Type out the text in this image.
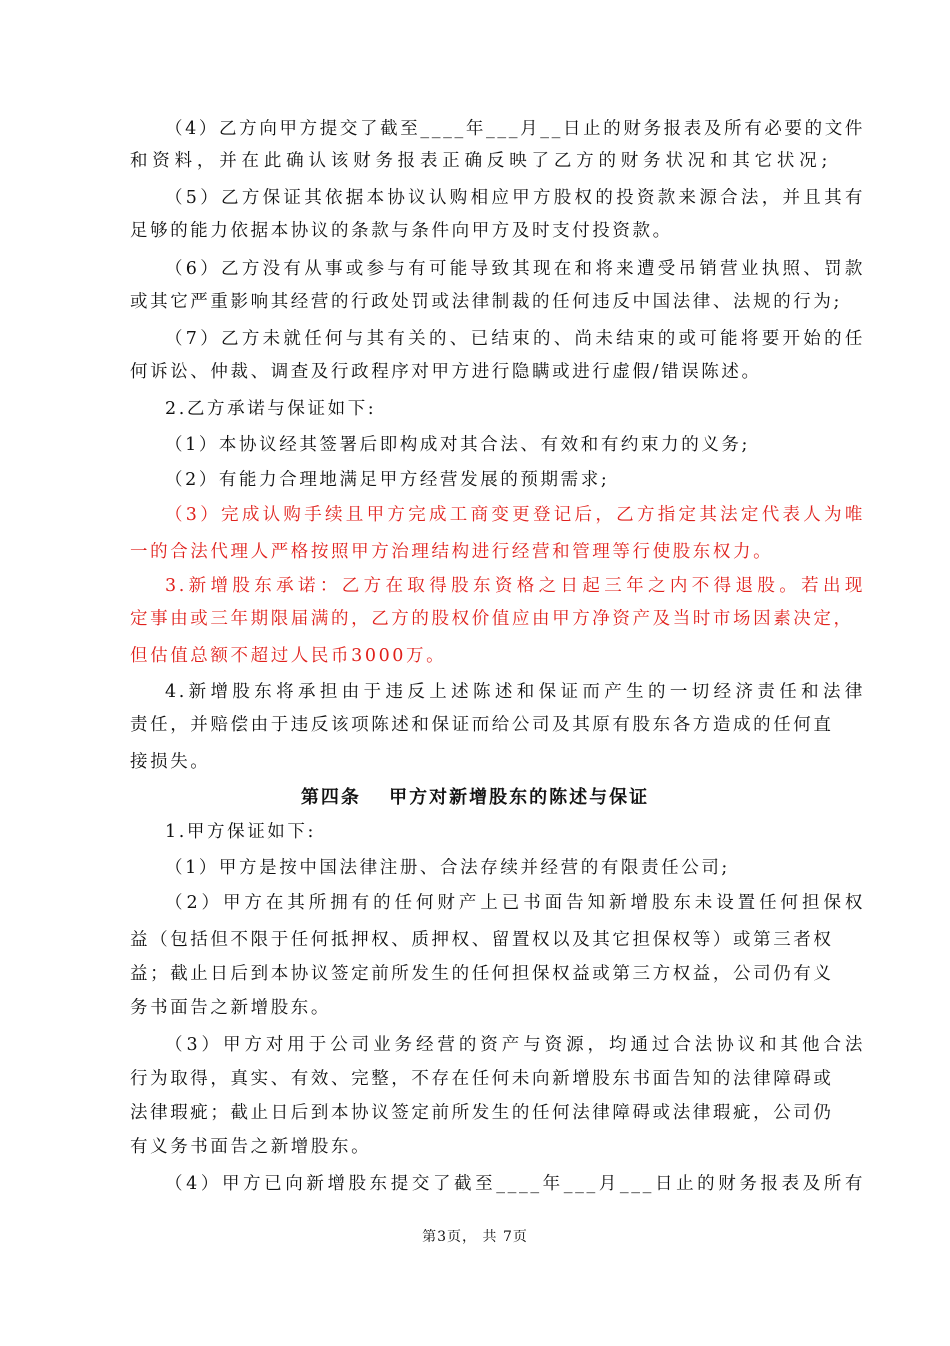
（4）乙方向甲方提交了截至____年___月__日止的财务报表及所有必要的文件
和资料，并在此确认该财务报表正确反映了乙方的财务状况和其它状况;
（5）乙方保证其依据本协议认购相应甲方股权的投资款来源合法，并且其有
足够的能力依据本协议的条款与条件向甲方及时支付投资款。
（6）乙方没有从事或参与有可能导致其现在和将来遭受吊销营业执照、罚款
或其它严重影响其经营的行政处罚或法律制裁的任何违反中国法律、法规的行为;
（7）乙方未就任何与其有关的、已结束的、尚未结束的或可能将要开始的任
何诉讼、仲裁、调查及行政程序对甲方进行隐瞒或进行虚假/错误陈述。
2.乙方承诺与保证如下:
（1）本协议经其签署后即构成对其合法、有效和有约束力的义务;
（2）有能力合理地满足甲方经营发展的预期需求;
（3）完成认购手续且甲方完成工商变更登记后，乙方指定其法定代表人为唯
一的合法代理人严格按照甲方治理结构进行经营和管理等行使股东权力。
3.新增股东承诺：乙方在取得股东资格之日起三年之内不得退股。若出现
定事由或三年期限届满的，乙方的股权价值应由甲方净资产及当时市场因素决定，
但估值总额不超过人民币3000万。
4.新增股东将承担由于违反上述陈述和保证而产生的一切经济责任和法律
责任，并赔偿由于违反该项陈述和保证而给公司及其原有股东各方造成的任何直
接损失。
第四条　 甲方对新增股东的陈述与保证
1.甲方保证如下:
（1）甲方是按中国法律注册、合法存续并经营的有限责任公司;
（2）甲方在其所拥有的任何财产上已书面告知新增股东未设置任何担保权
益（包括但不限于任何抵押权、质押权、留置权以及其它担保权等）或第三者权
益；截止日后到本协议签定前所发生的任何担保权益或第三方权益，公司仍有义
务书面告之新增股东。
（3）甲方对用于公司业务经营的资产与资源，均通过合法协议和其他合法
行为取得，真实、有效、完整，不存在任何未向新增股东书面告知的法律障碍或
法律瑕疵；截止日后到本协议签定前所发生的任何法律障碍或法律瑕疵，公司仍
有义务书面告之新增股东。
（4）甲方已向新增股东提交了截至____年___月___日止的财务报表及所有
第3页， 共 7页
